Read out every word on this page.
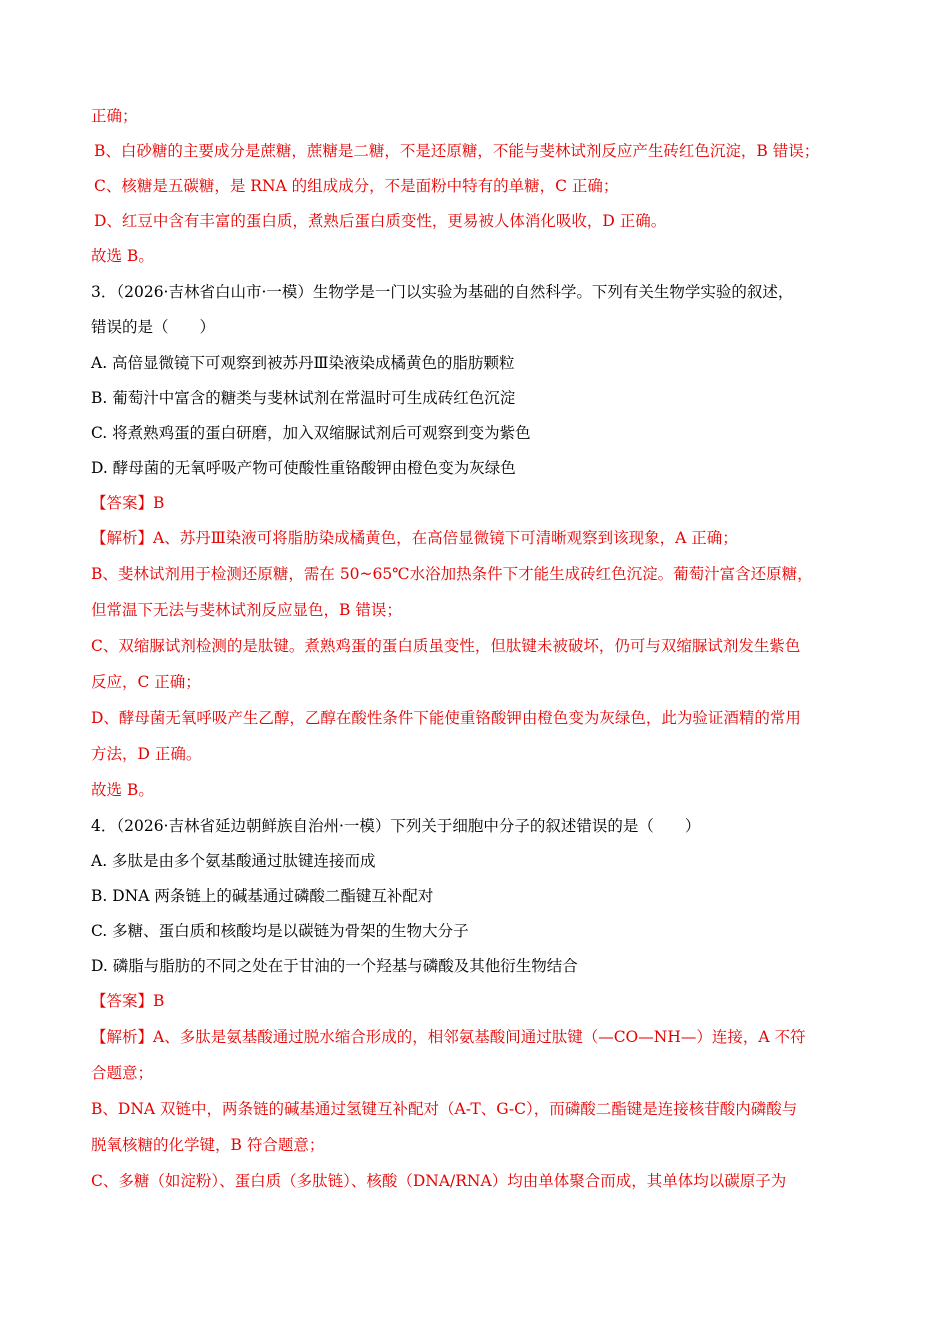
正确；
B、白砂糖的主要成分是蔗糖，蔗糖是二糖，不是还原糖，不能与斐林试剂反应产生砖红色沉淀，B 错误；
C、核糖是五碳糖，是 RNA 的组成成分，不是面粉中特有的单糖，C 正确；
D、红豆中含有丰富的蛋白质，煮熟后蛋白质变性，更易被人体消化吸收，D 正确。
故选 B。
3．（2026·吉林省白山市·一模）生物学是一门以实验为基础的自然科学。下列有关生物学实验的叙述，
错误的是（　　）
A. 高倍显微镜下可观察到被苏丹Ⅲ染液染成橘黄色的脂肪颗粒
B. 葡萄汁中富含的糖类与斐林试剂在常温时可生成砖红色沉淀
C. 将煮熟鸡蛋的蛋白研磨，加入双缩脲试剂后可观察到变为紫色
D. 酵母菌的无氧呼吸产物可使酸性重铬酸钾由橙色变为灰绿色
【答案】B
【解析】A、苏丹Ⅲ染液可将脂肪染成橘黄色，在高倍显微镜下可清晰观察到该现象，A 正确；
B、斐林试剂用于检测还原糖，需在 50~65℃水浴加热条件下才能生成砖红色沉淀。葡萄汁富含还原糖，
但常温下无法与斐林试剂反应显色，B 错误；
C、双缩脲试剂检测的是肽键。煮熟鸡蛋的蛋白质虽变性，但肽键未被破坏，仍可与双缩脲试剂发生紫色
反应，C 正确；
D、酵母菌无氧呼吸产生乙醇，乙醇在酸性条件下能使重铬酸钾由橙色变为灰绿色，此为验证酒精的常用
方法，D 正确。
故选 B。
4．（2026·吉林省延边朝鲜族自治州·一模）下列关于细胞中分子的叙述错误的是（　　）
A. 多肽是由多个氨基酸通过肽键连接而成
B. DNA 两条链上的碱基通过磷酸二酯键互补配对
C. 多糖、蛋白质和核酸均是以碳链为骨架的生物大分子
D. 磷脂与脂肪的不同之处在于甘油的一个羟基与磷酸及其他衍生物结合
【答案】B
【解析】A、多肽是氨基酸通过脱水缩合形成的，相邻氨基酸间通过肽键（—CO—NH—）连接，A 不符
合题意；
B、DNA 双链中，两条链的碱基通过氢键互补配对（A-T、G-C），而磷酸二酯键是连接核苷酸内磷酸与
脱氧核糖的化学键，B 符合题意；
C、多糖（如淀粉）、蛋白质（多肽链）、核酸（DNA/RNA）均由单体聚合而成，其单体均以碳原子为
